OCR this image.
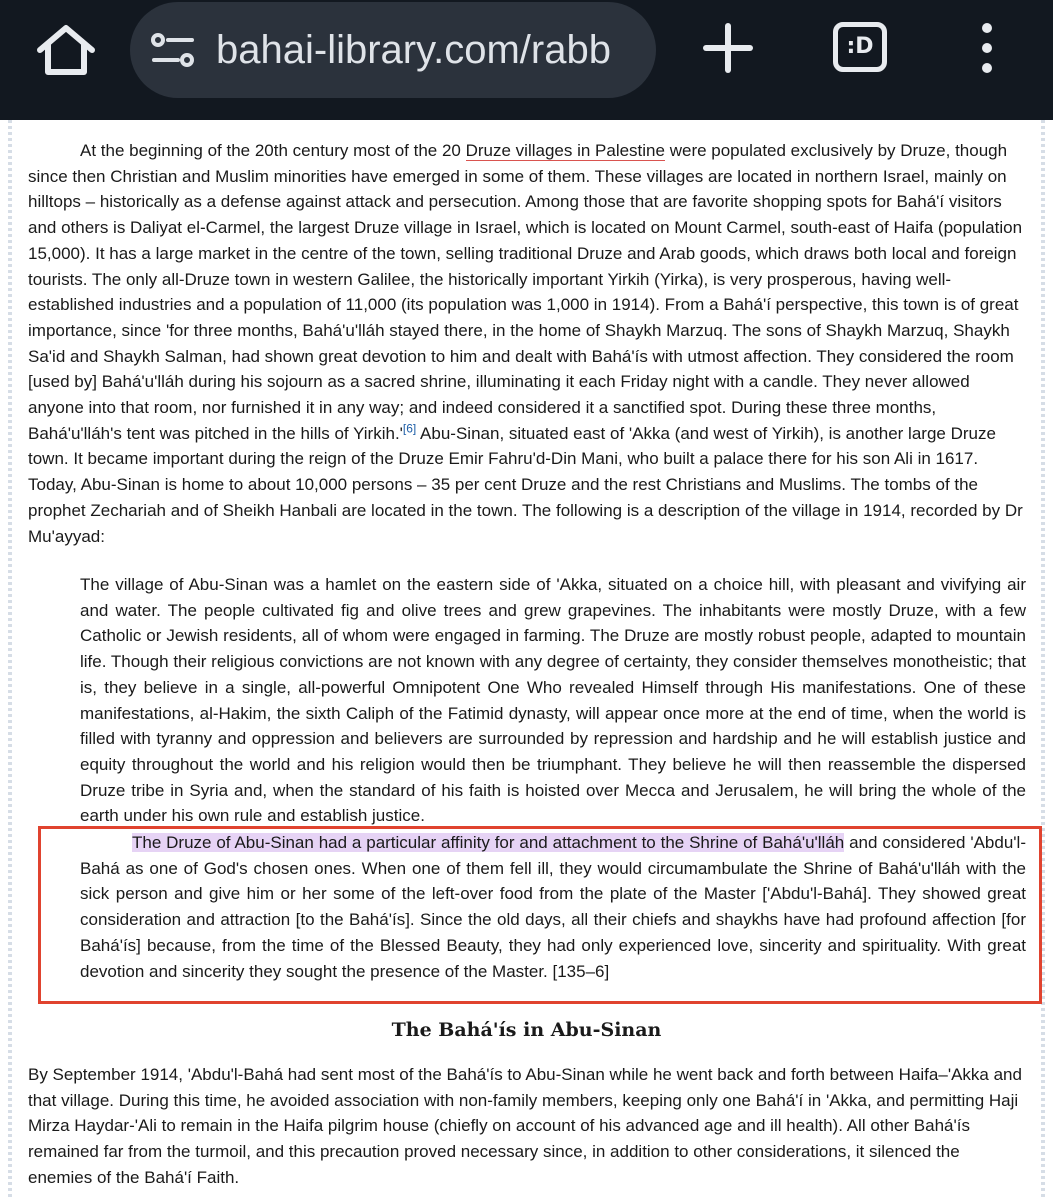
bahai-library.com/rabb	:D

At the beginning of the 20th century most of the 20 Druze villages in Palestine were populated exclusively by Druze, though since then Christian and Muslim minorities have emerged in some of them. These villages are located in northern Israel, mainly on hilltops – historically as a defense against attack and persecution. Among those that are favorite shopping spots for Bahá'í visitors and others is Daliyat el-Carmel, the largest Druze village in Israel, which is located on Mount Carmel, south-east of Haifa (population 15,000). It has a large market in the centre of the town, selling traditional Druze and Arab goods, which draws both local and foreign tourists. The only all-Druze town in western Galilee, the historically important Yirkih (Yirka), is very prosperous, having well-established industries and a population of 11,000 (its population was 1,000 in 1914). From a Bahá'í perspective, this town is of great importance, since 'for three months, Bahá'u'lláh stayed there, in the home of Shaykh Marzuq. The sons of Shaykh Marzuq, Shaykh Sa'id and Shaykh Salman, had shown great devotion to him and dealt with Bahá'ís with utmost affection. They considered the room [used by] Bahá'u'lláh during his sojourn as a sacred shrine, illuminating it each Friday night with a candle. They never allowed anyone into that room, nor furnished it in any way; and indeed considered it a sanctified spot. During these three months, Bahá'u'lláh's tent was pitched in the hills of Yirkih.'[6] Abu-Sinan, situated east of 'Akka (and west of Yirkih), is another large Druze town. It became important during the reign of the Druze Emir Fahru'd-Din Mani, who built a palace there for his son Ali in 1617. Today, Abu-Sinan is home to about 10,000 persons – 35 per cent Druze and the rest Christians and Muslims. The tombs of the prophet Zechariah and of Sheikh Hanbali are located in the town. The following is a description of the village in 1914, recorded by Dr Mu'ayyad:

The village of Abu-Sinan was a hamlet on the eastern side of 'Akka, situated on a choice hill, with pleasant and vivifying air and water. The people cultivated fig and olive trees and grew grapevines. The inhabitants were mostly Druze, with a few Catholic or Jewish residents, all of whom were engaged in farming. The Druze are mostly robust people, adapted to mountain life. Though their religious convictions are not known with any degree of certainty, they consider themselves monotheistic; that is, they believe in a single, all-powerful Omnipotent One Who revealed Himself through His manifestations. One of these manifestations, al-Hakim, the sixth Caliph of the Fatimid dynasty, will appear once more at the end of time, when the world is filled with tyranny and oppression and believers are surrounded by repression and hardship and he will establish justice and equity throughout the world and his religion would then be triumphant. They believe he will then reassemble the dispersed Druze tribe in Syria and, when the standard of his faith is hoisted over Mecca and Jerusalem, he will bring the whole of the earth under his own rule and establish justice.

The Druze of Abu-Sinan had a particular affinity for and attachment to the Shrine of Bahá'u'lláh and considered 'Abdu'l-Bahá as one of God's chosen ones. When one of them fell ill, they would circumambulate the Shrine of Bahá'u'lláh with the sick person and give him or her some of the left-over food from the plate of the Master ['Abdu'l-Bahá]. They showed great consideration and attraction [to the Bahá'ís]. Since the old days, all their chiefs and shaykhs have had profound affection [for Bahá'ís] because, from the time of the Blessed Beauty, they had only experienced love, sincerity and spirituality. With great devotion and sincerity they sought the presence of the Master. [135–6]

The Bahá'ís in Abu-Sinan

By September 1914, 'Abdu'l-Bahá had sent most of the Bahá'ís to Abu-Sinan while he went back and forth between Haifa–'Akka and that village. During this time, he avoided association with non-family members, keeping only one Bahá'í in 'Akka, and permitting Haji Mirza Haydar-'Ali to remain in the Haifa pilgrim house (chiefly on account of his advanced age and ill health). All other Bahá'ís remained far from the turmoil, and this precaution proved necessary since, in addition to other considerations, it silenced the enemies of the Bahá'í Faith.
